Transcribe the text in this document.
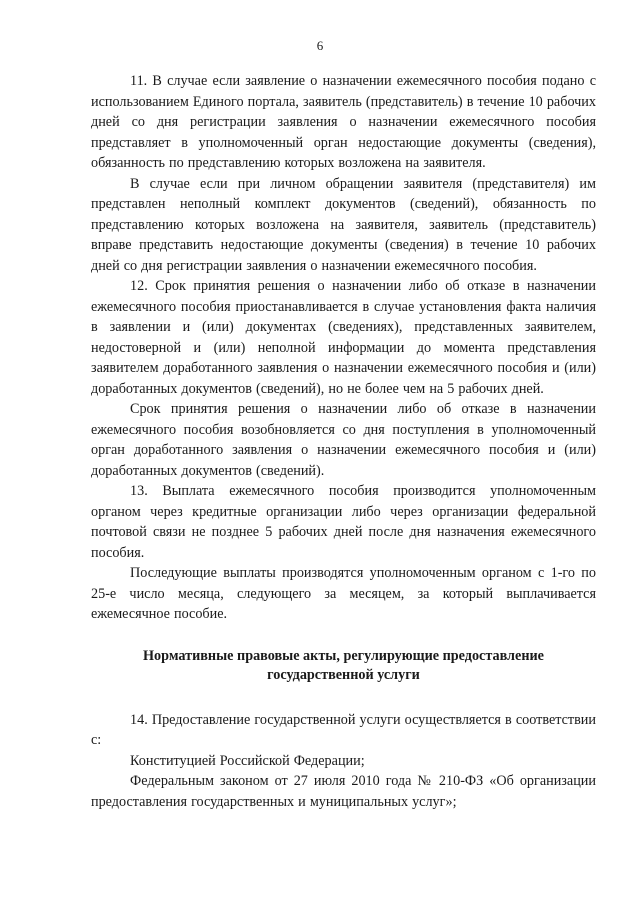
6

11. В случае если заявление о назначении ежемесячного пособия подано с использованием Единого портала, заявитель (представитель) в течение 10 рабочих дней со дня регистрации заявления о назначении ежемесячного пособия представляет в уполномоченный орган недостающие документы (сведения), обязанность по представлению которых возложена на заявителя.

В случае если при личном обращении заявителя (представителя) им представлен неполный комплект документов (сведений), обязанность по представлению которых возложена на заявителя, заявитель (представитель) вправе представить недостающие документы (сведения) в течение 10 рабочих дней со дня регистрации заявления о назначении ежемесячного пособия.

12. Срок принятия решения о назначении либо об отказе в назначении ежемесячного пособия приостанавливается в случае установления факта наличия в заявлении и (или) документах (сведениях), представленных заявителем, недостоверной и (или) неполной информации до момента представления заявителем доработанного заявления о назначении ежемесячного пособия и (или) доработанных документов (сведений), но не более чем на 5 рабочих дней.

Срок принятия решения о назначении либо об отказе в назначении ежемесячного пособия возобновляется со дня поступления в уполномоченный орган доработанного заявления о назначении ежемесячного пособия и (или) доработанных документов (сведений).

13. Выплата ежемесячного пособия производится уполномоченным органом через кредитные организации либо через организации федеральной почтовой связи не позднее 5 рабочих дней после дня назначения ежемесячного пособия.

Последующие выплаты производятся уполномоченным органом с 1-го по 25-е число месяца, следующего за месяцем, за который выплачивается ежемесячное пособие.

Нормативные правовые акты, регулирующие предоставление
государственной услуги

14. Предоставление государственной услуги осуществляется в соответствии с:

Конституцией Российской Федерации;

Федеральным законом от 27 июля 2010 года № 210-ФЗ «Об организации предоставления государственных и муниципальных услуг»;
